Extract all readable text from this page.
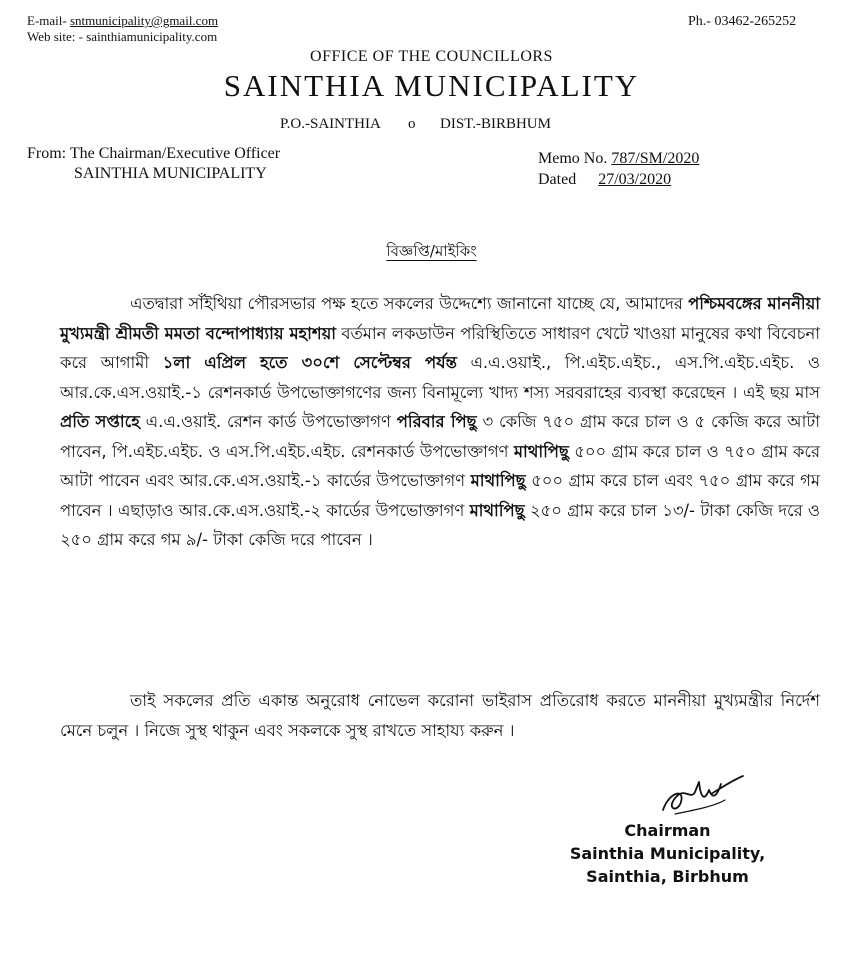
E-mail- sntmunicipality@gmail.com
Web site: - sainthiamunicipality.com
Ph.- 03462-265252
OFFICE OF THE COUNCILLORS
SAINTHIA MUNICIPALITY
P.O.-SAINTHIA o DIST.-BIRBHUM
From: The Chairman/Executive Officer
SAINTHIA MUNICIPALITY
Memo No. 787/SM/2020
Dated 27/03/2020
বিজ্ঞপ্তি/মাইকিং

এতদ্বারা সাঁইথিয়া পৌরসভার পক্ষ হতে সকলের উদ্দেশ্যে জানানো যাচ্ছে যে, আমাদের পশ্চিমবঙ্গের মাননীয়া মুখ্যমন্ত্রী শ্রীমতী মমতা বন্দোপাধ্যায় মহাশয়া বর্তমান লকডাউন পরিস্থিতিতে সাধারণ খেটে খাওয়া মানুষের কথা বিবেচনা করে আগামী ১লা এপ্রিল হতে ৩০শে সেপ্টেম্বর পর্যন্ত এ.এ.ওয়াই., পি.এইচ.এইচ., এস.পি.এইচ.এইচ. ও আর.কে.এস.ওয়াই.-১ রেশনকার্ড উপভোক্তাগণের জন্য বিনামূল্যে খাদ্য শস্য সরবরাহের ব্যবস্থা করেছেন । এই ছয় মাস প্রতি সপ্তাহে এ.এ.ওয়াই. রেশন কার্ড উপভোক্তাগণ পরিবার পিছু ৩ কেজি ৭৫০ গ্রাম করে চাল ও ৫ কেজি করে আটা পাবেন, পি.এইচ.এইচ. ও এস.পি.এইচ.এইচ. রেশনকার্ড উপভোক্তাগণ মাথাপিছু ৫০০ গ্রাম করে চাল ও ৭৫০ গ্রাম করে আটা পাবেন এবং আর.কে.এস.ওয়াই.-১ কার্ডের উপভোক্তাগণ মাথাপিছু ৫০০ গ্রাম করে চাল এবং ৭৫০ গ্রাম করে গম পাবেন । এছাড়াও আর.কে.এস.ওয়াই.-২ কার্ডের উপভোক্তাগণ মাথাপিছু ২৫০ গ্রাম করে চাল ১৩/- টাকা কেজি দরে ও ২৫০ গ্রাম করে গম ৯/- টাকা কেজি দরে পাবেন ।

তাই সকলের প্রতি একান্ত অনুরোধ নোভেল করোনা ভাইরাস প্রতিরোধ করতে মাননীয়া মুখ্যমন্ত্রীর নির্দেশ মেনে চলুন । নিজে সুস্থ থাকুন এবং সকলকে সুস্থ রাখতে সাহায্য করুন ।

Chairman
Sainthia Municipality,
Sainthia, Birbhum
